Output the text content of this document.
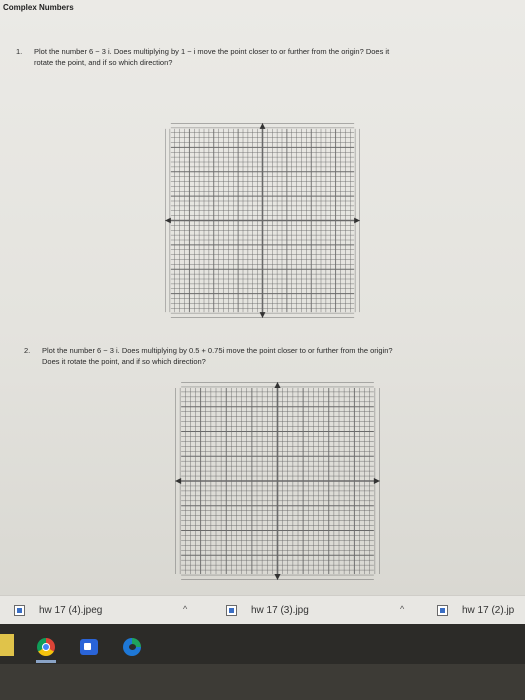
Complex Numbers
1. Plot the number 6 − 3 i. Does multiplying by 1 − i move the point closer to or further from the origin? Does it
rotate the point, and if so which direction?
2. Plot the number 6 − 3 i. Does multiplying by 0.5 + 0.75i move the point closer to or further from the origin?
Does it rotate the point, and if so which direction?
hw 17 (4).jpeg	^	hw 17 (3).jpg	^	hw 17 (2).jp
